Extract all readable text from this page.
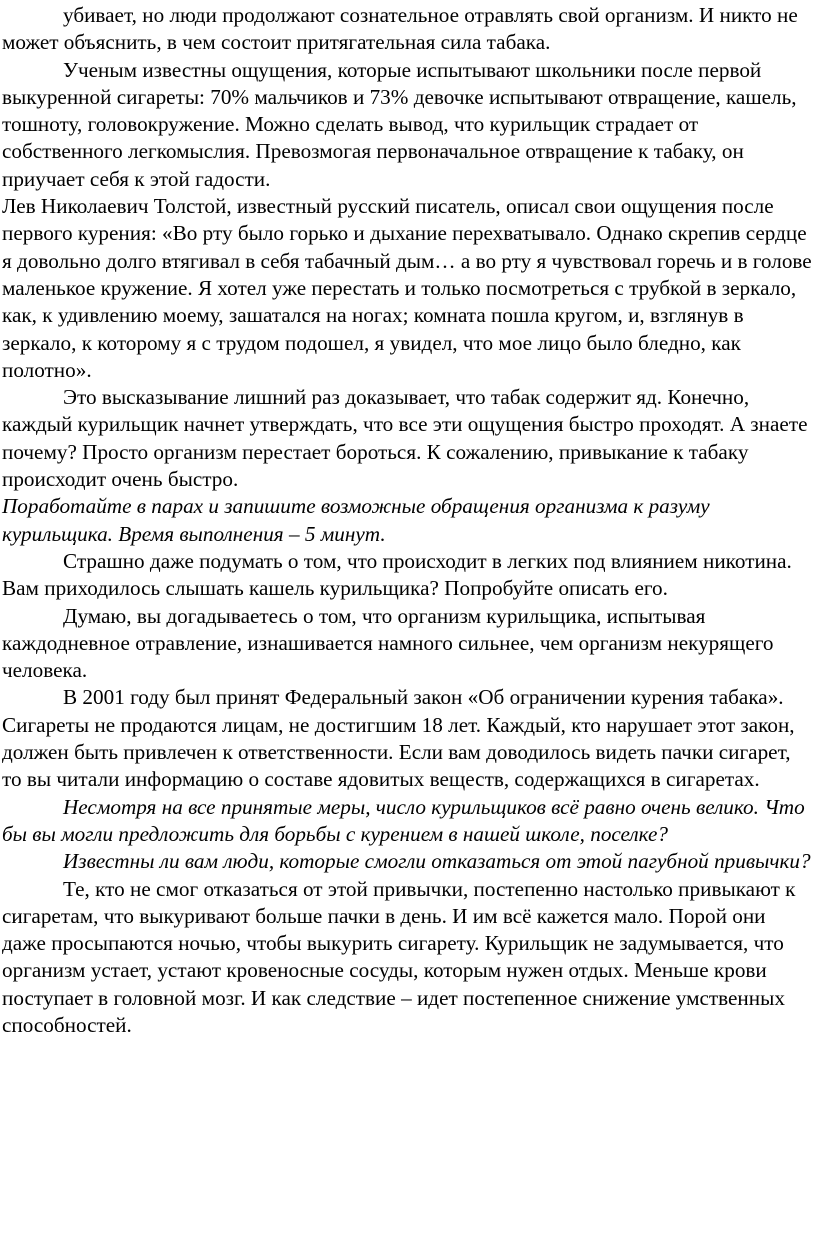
убивает, но люди продолжают сознательное отравлять свой организм. И никто не может объяснить, в чем состоит притягательная сила табака.

Ученым известны ощущения, которые испытывают школьники после первой выкуренной сигареты: 70% мальчиков и 73% девочке испытывают отвращение, кашель, тошноту, головокружение. Можно сделать вывод, что курильщик страдает от собственного легкомыслия. Превозмогая первоначальное отвращение к табаку, он приучает себя к этой гадости.

Лев Николаевич Толстой, известный русский писатель, описал свои ощущения после первого курения: «Во рту было горько и дыхание перехватывало. Однако скрепив сердце я довольно долго втягивал в себя табачный дым… а во рту я чувствовал горечь и в голове маленькое кружение. Я хотел уже перестать и только посмотреться с трубкой в зеркало, как, к удивлению моему, зашатался на ногах; комната пошла кругом, и, взглянув в зеркало, к которому я с трудом подошел, я увидел, что мое лицо было бледно, как полотно».

Это высказывание лишний раз доказывает, что табак содержит яд. Конечно, каждый курильщик начнет утверждать, что все эти ощущения быстро проходят. А знаете почему? Просто организм перестает бороться. К сожалению, привыкание к табаку происходит очень быстро.

Поработайте в парах и запишите возможные обращения организма к разуму курильщика. Время выполнения – 5 минут.

Страшно даже подумать о том, что происходит в легких под влиянием никотина. Вам приходилось слышать кашель курильщика? Попробуйте описать его.

Думаю, вы догадываетесь о том, что организм курильщика, испытывая каждодневное отравление, изнашивается намного сильнее, чем организм некурящего человека.

В 2001 году был принят Федеральный закон «Об ограничении курения табака». Сигареты не продаются лицам, не достигшим 18 лет. Каждый, кто нарушает этот закон, должен быть привлечен к ответственности. Если вам доводилось видеть пачки сигарет, то вы читали информацию о составе ядовитых веществ, содержащихся в сигаретах.

Несмотря на все принятые меры, число курильщиков всё равно очень велико. Что бы вы могли предложить для борьбы с курением в нашей школе, поселке?

Известны ли вам люди, которые смогли отказаться от этой пагубной привычки?

Те, кто не смог отказаться от этой привычки, постепенно настолько привыкают к сигаретам, что выкуривают больше пачки в день. И им всё кажется мало. Порой они даже просыпаются ночью, чтобы выкурить сигарету. Курильщик не задумывается, что организм устает, устают кровеносные сосуды, которым нужен отдых. Меньше крови поступает в головной мозг. И как следствие – идет постепенное снижение умственных способностей.
